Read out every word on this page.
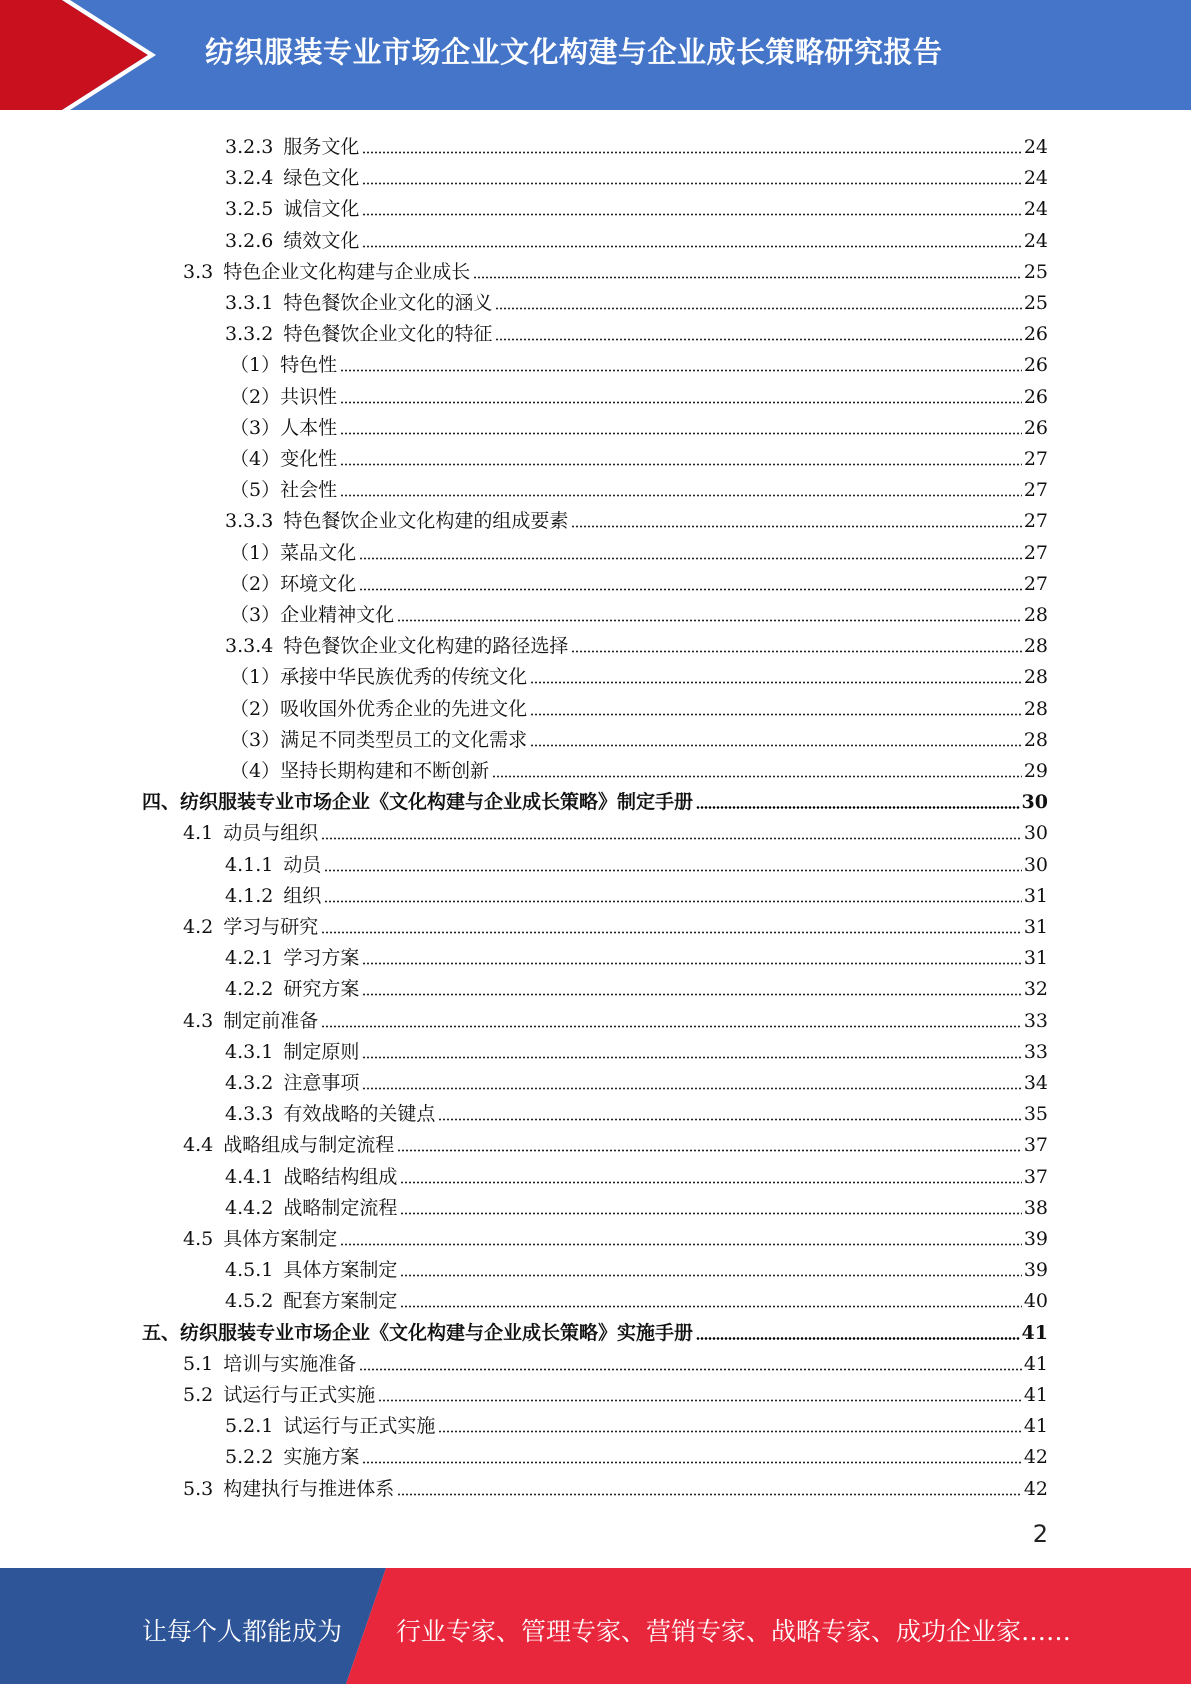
纺织服装专业市场企业文化构建与企业成长策略研究报告
3.2.3 服务文化	24
3.2.4 绿色文化	24
3.2.5 诚信文化	24
3.2.6 绩效文化	24
3.3 特色企业文化构建与企业成长	25
3.3.1 特色餐饮企业文化的涵义	25
3.3.2 特色餐饮企业文化的特征	26
（1）特色性	26
（2）共识性	26
（3）人本性	26
（4）变化性	27
（5）社会性	27
3.3.3 特色餐饮企业文化构建的组成要素	27
（1）菜品文化	27
（2）环境文化	27
（3）企业精神文化	28
3.3.4 特色餐饮企业文化构建的路径选择	28
（1）承接中华民族优秀的传统文化	28
（2）吸收国外优秀企业的先进文化	28
（3）满足不同类型员工的文化需求	28
（4）坚持长期构建和不断创新	29
四、纺织服装专业市场企业《文化构建与企业成长策略》制定手册	30
4.1 动员与组织	30
4.1.1 动员	30
4.1.2 组织	31
4.2 学习与研究	31
4.2.1 学习方案	31
4.2.2 研究方案	32
4.3 制定前准备	33
4.3.1 制定原则	33
4.3.2 注意事项	34
4.3.3 有效战略的关键点	35
4.4 战略组成与制定流程	37
4.4.1 战略结构组成	37
4.4.2 战略制定流程	38
4.5 具体方案制定	39
4.5.1 具体方案制定	39
4.5.2 配套方案制定	40
五、纺织服装专业市场企业《文化构建与企业成长策略》实施手册	41
5.1 培训与实施准备	41
5.2 试运行与正式实施	41
5.2.1 试运行与正式实施	41
5.2.2 实施方案	42
5.3 构建执行与推进体系	42
2
让每个人都能成为 行业专家、管理专家、营销专家、战略专家、成功企业家……
